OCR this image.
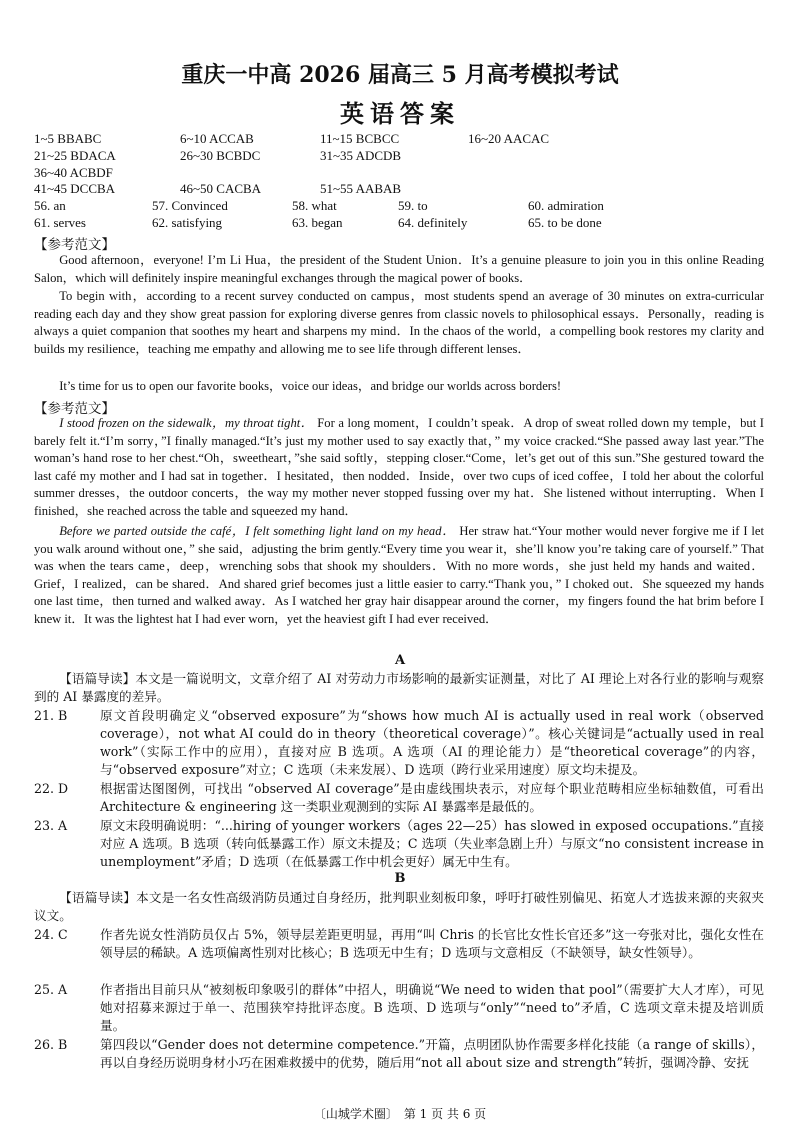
重庆一中高 2026 届高三 5 月高考模拟考试
英语答案
1~5 BBABC	6~10 ACCAB	11~15 BCBCC	16~20 AACAC
21~25 BDACA	26~30 BCBDC	31~35 ADCDB
36~40 ACBDF
41~45 DCCBA	46~50 CACBA	51~55 AABAB
56. an	57. Convinced	58. what	59. to	60. admiration
61. serves	62. satisfying	63. began	64. definitely	65. to be done
【参考范文】

Good afternoon，everyone! I’m Li Hua，the president of the Student Union．It’s a genuine pleasure to join you in this online Reading Salon，which will definitely inspire meaningful exchanges through the magical power of books．

To begin with，according to a recent survey conducted on campus，most students spend an average of 30 minutes on extra-curricular reading each day and they show great passion for exploring diverse genres from classic novels to philosophical essays．Personally，reading is always a quiet companion that soothes my heart and sharpens my mind．In the chaos of the world，a compelling book restores my clarity and builds my resilience，teaching me empathy and allowing me to see life through different lenses．

It’s time for us to open our favorite books，voice our ideas，and bridge our worlds across borders!

【参考范文】

I stood frozen on the sidewalk，my throat tight． For a long moment，I couldn’t speak．A drop of sweat rolled down my temple，but I barely felt it.“I’m sorry，”I finally managed.“It’s just my mother used to say exactly that，” my voice cracked.“She passed away last year.”The woman’s hand rose to her chest.“Oh，sweetheart，”she said softly，stepping closer.“Come，let’s get out of this sun.”She gestured toward the last café my mother and I had sat in together．I hesitated，then nodded．Inside，over two cups of iced coffee，I told her about the colorful summer dresses，the outdoor concerts，the way my mother never stopped fussing over my hat．She listened without interrupting．When I finished，she reached across the table and squeezed my hand．

Before we parted outside the café，I felt something light land on my head． Her straw hat.“Your mother would never forgive me if I let you walk around without one，” she said，adjusting the brim gently.“Every time you wear it，she’ll know you’re taking care of yourself.” That was when the tears came，deep，wrenching sobs that shook my shoulders．With no more words，she just held my hands and waited．Grief，I realized，can be shared．And shared grief becomes just a little easier to carry.“Thank you，” I choked out．She squeezed my hands one last time，then turned and walked away．As I watched her gray hair disappear around the corner，my fingers found the hat brim before I knew it．It was the lightest hat I had ever worn，yet the heaviest gift I had ever received．

A

【语篇导读】本文是一篇说明文，文章介绍了 AI 对劳动力市场影响的最新实证测量，对比了 AI 理论上对各行业的影响与观察到的 AI 暴露度的差异。

21. B	原文首段明确定义“observed exposure”为“shows how much AI is actually used in real work（observed coverage），not what AI could do in theory（theoretical coverage）”。核心关键词是“actually used in real work”（实际工作中的应用），直接对应 B 选项。A 选项（AI 的理论能力）是“theoretical coverage”的内容，与“observed exposure”对立；C 选项（未来发展）、D 选项（跨行业采用速度）原文均未提及。
22. D	根据雷达图图例，可找出 “observed AI coverage”是由虚线围块表示，对应每个职业范畴相应坐标轴数值，可看出 Architecture & engineering 这一类职业观测到的实际 AI 暴露率是最低的。
23. A	原文末段明确说明：“...hiring of younger workers（ages 22—25）has slowed in exposed occupations.”直接对应 A 选项。B 选项（转向低暴露工作）原文未提及；C 选项（失业率急剧上升）与原文“no consistent increase in unemployment”矛盾；D 选项（在低暴露工作中机会更好）属无中生有。
B

【语篇导读】本文是一名女性高级消防员通过自身经历，批判职业刻板印象，呼吁打破性别偏见、拓宽人才选拔来源的夹叙夹议文。

24. C	作者先说女性消防员仅占 5%，领导层差距更明显，再用“叫 Chris 的长官比女性长官还多”这一夸张对比，强化女性在领导层的稀缺。A 选项偏离性别对比核心；B 选项无中生有；D 选项与文意相反（不缺领导，缺女性领导）。
25. A	作者指出目前只从“被刻板印象吸引的群体”中招人，明确说“We need to widen that pool”（需要扩大人才库），可见她对招募来源过于单一、范围狭窄持批评态度。B 选项、D 选项与“only”“need to”矛盾，C 选项文章未提及培训质量。
26. B	第四段以“Gender does not determine competence.”开篇，点明团队协作需要多样化技能（a range of skills），再以自身经历说明身材小巧在困难救援中的优势，随后用“not all about size and strength”转折，强调冷静、安抚
〔山城学术圈〕　第 1 页 共 6 页
